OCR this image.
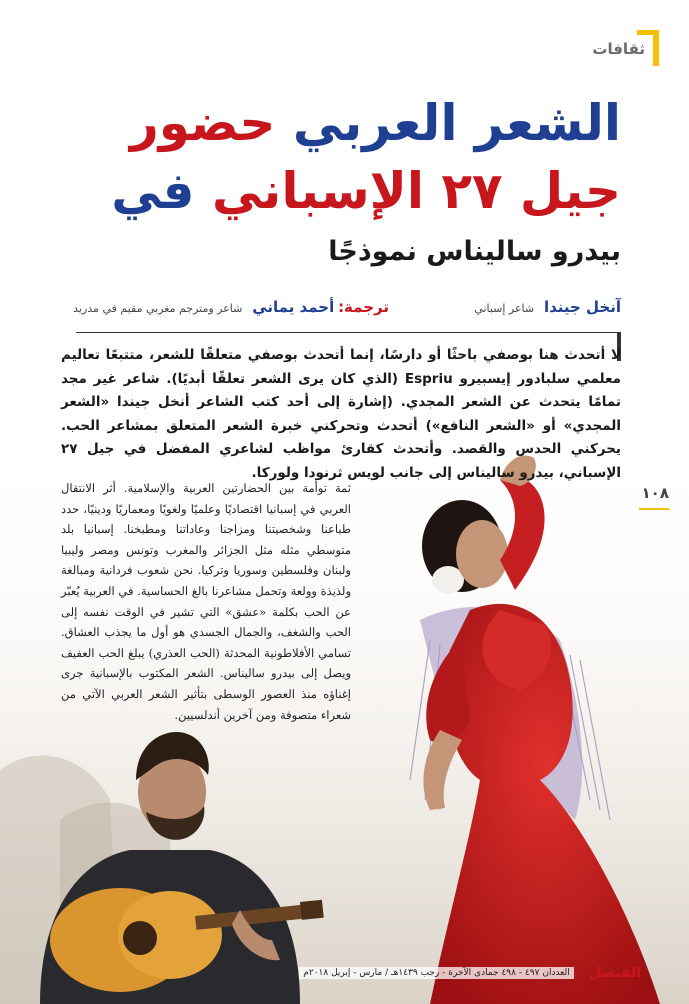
ثقافات
الشعر العربي حضور
جيل ٢٧ الإسباني في
بيدرو ساليناس نموذجًا
آنخل جيندا شاعر إسباني
ترجمة: أحمد يماني شاعر ومترجم مغربي مقيم في مدريد
لا أتحدث هنا بوصفي باحثًا أو دارسًا، إنما أتحدث بوصفي متعلقًا للشعر، متتبعًا تعاليم معلمي سلبادور إيسبيرو Espriu (الذي كان يرى الشعر تعلقًا أبديًا). شاعر غير مجد تمامًا يتحدث عن الشعر المجدي. (إشارة إلى أحد كتب الشاعر أنخل جيندا «الشعر المجدي» أو «الشعر النافع») أتحدث وتحركني خبرة الشعر المتعلق بمشاعر الحب. يحركني الحدس والقصد. وأتحدث كقارئ مواظب لشاعري المفضل في جيل ٢٧ الإسباني، بيدرو ساليناس إلى جانب لويس ثرنودا ولوركا.
١٠٨
ثمة توأمة بين الحضارتين العربية والإسلامية. أثر الانتقال العربي في إسبانيا اقتصاديًا وعلميًا ولغويًا ومعماريًا ودينيًا، حدد طباعنا وشخصيتنا ومزاجنا وعاداتنا ومطبخنا. إسبانيا بلد متوسطي مثله مثل الجزائر والمغرب وتونس ومصر وليبيا ولبنان وفلسطين وسوريا وتركيا. نحن شعوب فردانية ومبالغة ولذيذة وولعة وتحمل مشاعرنا بالغ الحساسية. في العربية يُعبّر عن الحب بكلمة «عشق» التي تشير في الوقت نفسه إلى الحب والشغف، والجمال الجسدي هو أول ما يجذب العشاق. تسامي الأفلاطونية المحدثة (الحب العذري) يبلغ الحب العفيف ويصل إلى بيدرو ساليناس. الشعر المكتوب بالإسبانية جرى إغناؤه منذ العصور الوسطى بتأثير الشعر العربي الآتي من شعراء متصوفة ومن آخرين أندلسيين.
الفيصل العددان ٤٩٧ - ٤٩٨ جمادى الآخرة - رجب ١٤٣٩هـ / مارس - إبريل ٢٠١٨م
